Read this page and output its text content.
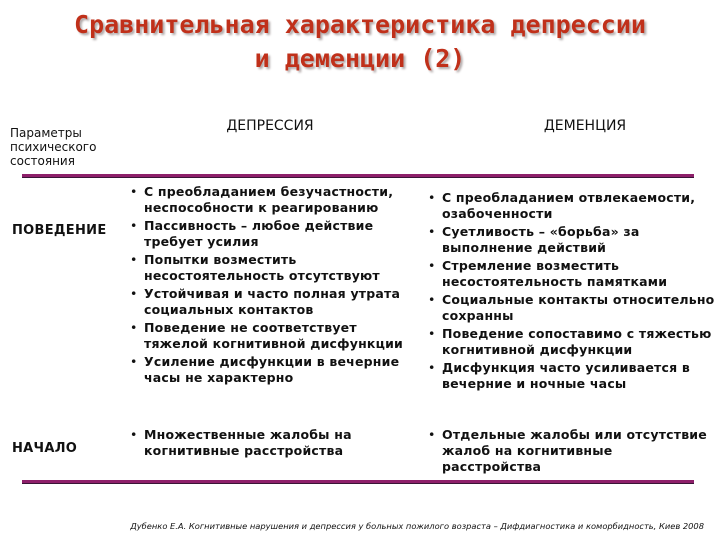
Сравнительная характеристика депрессии
и деменции (2)
Параметры психического состояния
ДЕПРЕССИЯ	ДЕМЕНЦИЯ
ПОВЕДЕНИЕ
• С преобладанием безучастности, неспособности к реагированию
• Пассивность – любое действие требует усилия
• Попытки возместить несостоятельность отсутствуют
• Устойчивая и часто полная утрата социальных контактов
• Поведение не соответствует тяжелой когнитивной дисфункции
• Усиление дисфункции в вечерние часы не характерно
• С преобладанием отвлекаемости, озабоченности
• Суетливость – «борьба» за выполнение действий
• Стремление возместить несостоятельность памятками
• Социальные контакты относительно сохранны
• Поведение сопоставимо с тяжестью когнитивной дисфункции
• Дисфункция часто усиливается в вечерние и ночные часы
НАЧАЛО
• Множественные жалобы на когнитивные расстройства
• Отдельные жалобы или отсутствие жалоб на когнитивные расстройства
Дубенко Е.А. Когнитивные нарушения и депрессия у больных пожилого возраста – Дифдиагностика и коморбидность, Киев 2008
